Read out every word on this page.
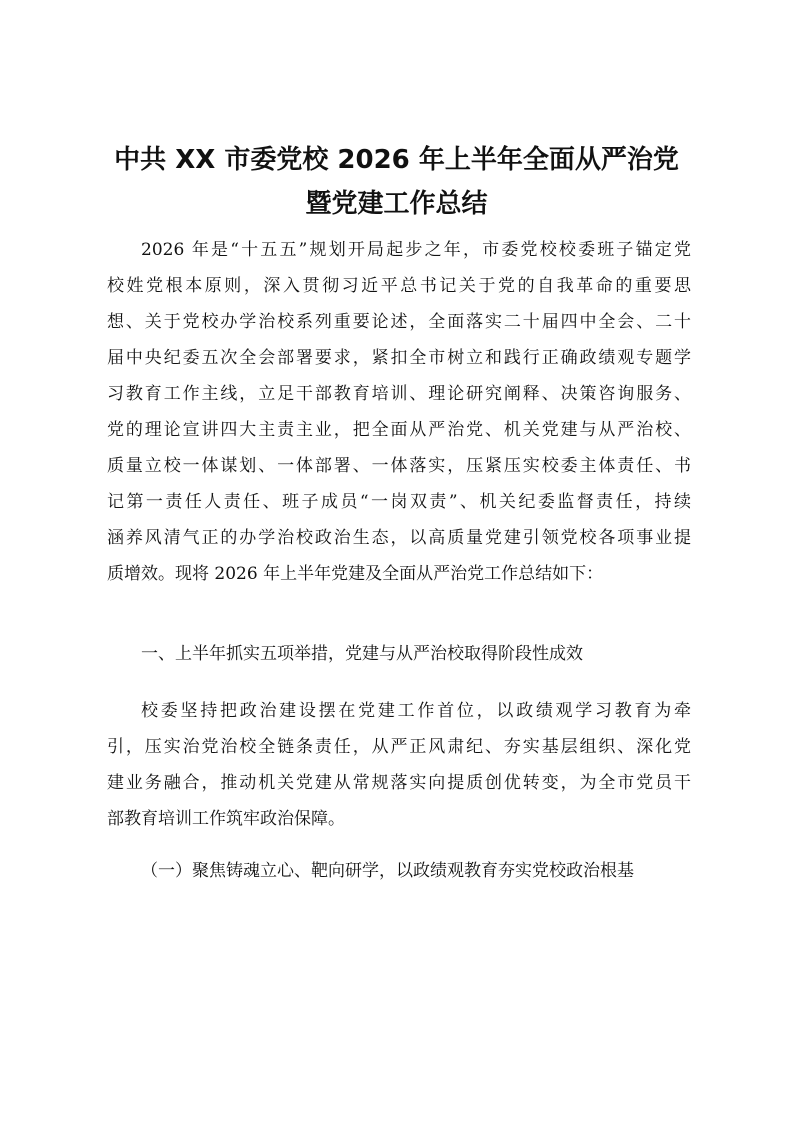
中共 XX 市委党校 2026 年上半年全面从严治党
暨党建工作总结
2026 年是“十五五”规划开局起步之年，市委党校校委班子锚定党
校姓党根本原则，深入贯彻习近平总书记关于党的自我革命的重要思
想、关于党校办学治校系列重要论述，全面落实二十届四中全会、二十
届中央纪委五次全会部署要求，紧扣全市树立和践行正确政绩观专题学
习教育工作主线，立足干部教育培训、理论研究阐释、决策咨询服务、
党的理论宣讲四大主责主业，把全面从严治党、机关党建与从严治校、
质量立校一体谋划、一体部署、一体落实，压紧压实校委主体责任、书
记第一责任人责任、班子成员“一岗双责”、机关纪委监督责任，持续
涵养风清气正的办学治校政治生态，以高质量党建引领党校各项事业提
质增效。现将 2026 年上半年党建及全面从严治党工作总结如下：
一、上半年抓实五项举措，党建与从严治校取得阶段性成效
校委坚持把政治建设摆在党建工作首位，以政绩观学习教育为牵
引，压实治党治校全链条责任，从严正风肃纪、夯实基层组织、深化党
建业务融合，推动机关党建从常规落实向提质创优转变，为全市党员干
部教育培训工作筑牢政治保障。
（一）聚焦铸魂立心、靶向研学，以政绩观教育夯实党校政治根基
